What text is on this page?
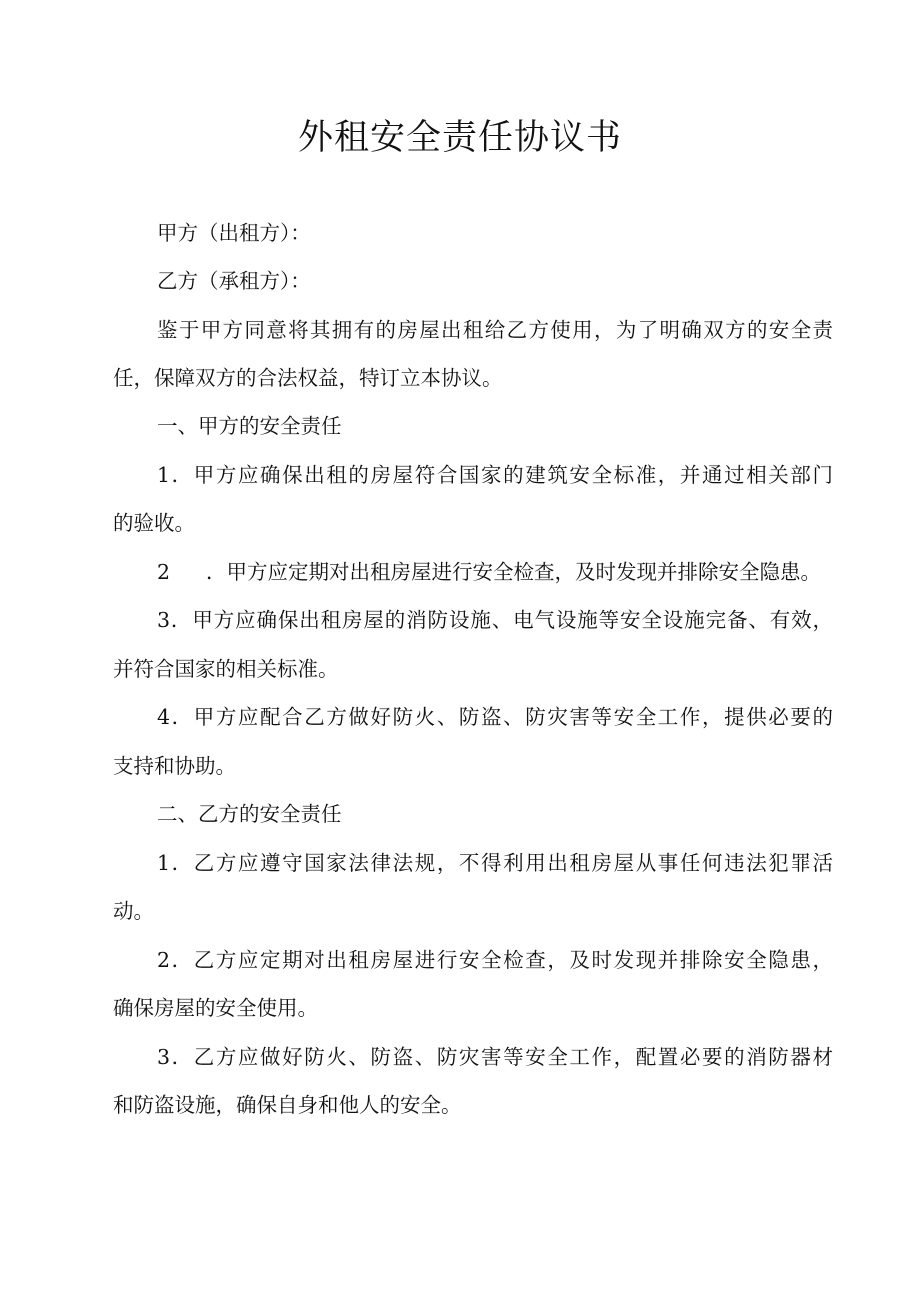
外租安全责任协议书
甲方（出租方）：
乙方（承租方）：
鉴于甲方同意将其拥有的房屋出租给乙方使用，为了明确双方的安全责
任，保障双方的合法权益，特订立本协议。
一、甲方的安全责任
1．甲方应确保出租的房屋符合国家的建筑安全标准，并通过相关部门
的验收。
2 ．甲方应定期对出租房屋进行安全检查，及时发现并排除安全隐患。
3．甲方应确保出租房屋的消防设施、电气设施等安全设施完备、有效，
并符合国家的相关标准。
4．甲方应配合乙方做好防火、防盗、防灾害等安全工作，提供必要的
支持和协助。
二、乙方的安全责任
1．乙方应遵守国家法律法规，不得利用出租房屋从事任何违法犯罪活
动。
2．乙方应定期对出租房屋进行安全检查，及时发现并排除安全隐患，
确保房屋的安全使用。
3．乙方应做好防火、防盗、防灾害等安全工作，配置必要的消防器材
和防盗设施，确保自身和他人的安全。
